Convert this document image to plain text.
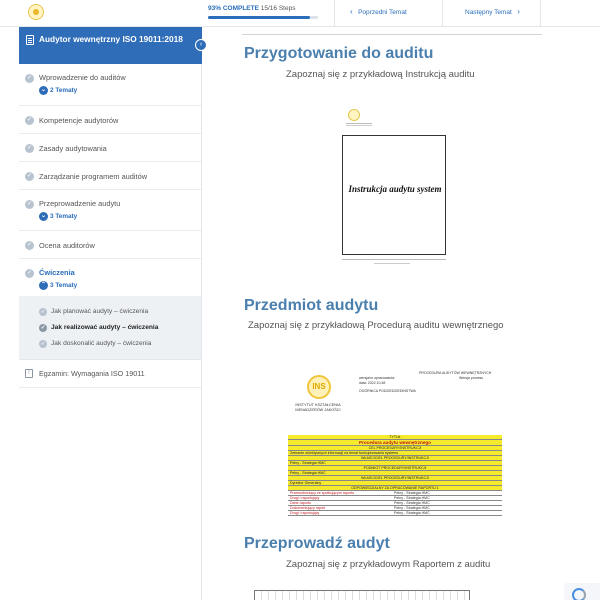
93% COMPLETE 15/16 Steps	‹ Poprzedni Temat	Następny Temat ›
Audytor wewnętrzny ISO 19011:2018
‹
✓ Wprowadzenie do auditów
⌄ 2 Tematy
✓ Kompetencje audytorów
✓ Zasady audytowania
✓ Zarządzanie programem auditów
✓ Przeprowadzenie audytu
⌄ 3 Tematy
✓ Ocena auditorów
✓ Ćwiczenia
⌃ 3 Tematy
✓ Jak planować audyty – ćwiczenia
✓ Jak realizować audyty – ćwiczenia
✓ Jak doskonalić audyty – ćwiczenia
!	Egzamin: Wymagania ISO 19011
Przygotowanie do auditu
Zapoznaj się z przykładową Instrukcją auditu
Instrukcja audytu system
Przedmiot audytu
Zapoznaj się z przykładową Procedurą auditu wewnętrznego
INS
INSTYTUT KSZTAŁCENIA MENADŻERÓW JAKOŚCI
wersja/nr opracowania:
data: 2022.10.48
OGÓRNICA PODZIEDZIEDINSTWA
PROCEDURA AUDYTÓW WEWNĘTRZNYCH
Wersja procesu
TYTUŁ
Procedura audytu wewnętrznego
CEL PROCESURY/INSTRUKCJI
Zebranie obiektywnych informacji na temat funkcjonowania systemu
WŁAŚCICIEL PROCEDURY/INSTRUKCJI
Pełny - Strategia HMC
PODMIOT PROCEDURY/INSTRUKCJI
Pełny - Strategia HMC
WŁAŚCICIEL PROCEDURY/INSTRUKCJI
Dyrektor Generalny
ODPOWIEDZIALNY ZA OPRACOWANIE RAPORTU 1
Przewodniczący ze spotkującym raportu	Pełny - Strategia HMC
Drugi i raportujący	Pełny - Strategia HMC
Dane raportu	Pełny - Strategia HMC
Dokumentujący raport	Pełny - Strategia HMC
Drugi i raportujący	Pełny - Strategia HMC
Przeprowadź audyt
Zapoznaj się z przykładowym Raportem z auditu
